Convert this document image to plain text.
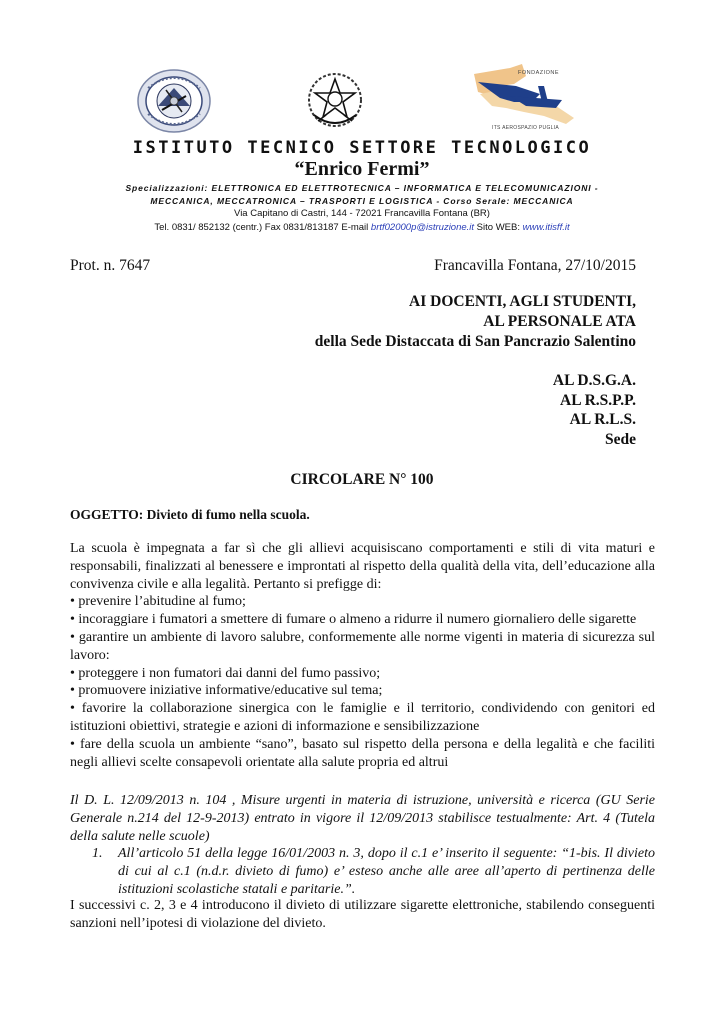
FONDAZIONE
ITS AEROSPAZIO PUGLIA
ISTITUTO TECNICO SETTORE TECNOLOGICO
“Enrico Fermi”
Specializzazioni: ELETTRONICA ED ELETTROTECNICA – INFORMATICA E TELECOMUNICAZIONI -
MECCANICA, MECCATRONICA – TRASPORTI E LOGISTICA - Corso Serale: MECCANICA
Via Capitano di Castri, 144 - 72021 Francavilla Fontana (BR)
Tel. 0831/ 852132 (centr.) Fax 0831/813187 E-mail brtf02000p@istruzione.it Sito WEB: www.itisff.it
Prot. n. 7647	Francavilla Fontana, 27/10/2015
AI DOCENTI, AGLI STUDENTI,
AL PERSONALE ATA
della Sede Distaccata di San Pancrazio Salentino
AL D.S.G.A.
AL R.S.P.P.
AL R.L.S.
Sede
CIRCOLARE N° 100
OGGETTO: Divieto di fumo nella scuola.
La scuola è impegnata a far sì che gli allievi acquisiscano comportamenti e stili di vita maturi e responsabili, finalizzati al benessere e improntati al rispetto della qualità della vita, dell’educazione alla convivenza civile e alla legalità. Pertanto si prefigge di:
• prevenire l’abitudine al fumo;
• incoraggiare i fumatori a smettere di fumare o almeno a ridurre il numero giornaliero delle sigarette
• garantire un ambiente di lavoro salubre, conformemente alle norme vigenti in materia di sicurezza sul lavoro:
• proteggere i non fumatori dai danni del fumo passivo;
• promuovere iniziative informative/educative sul tema;
• favorire la collaborazione sinergica con le famiglie e il territorio, condividendo con genitori ed istituzioni obiettivi, strategie e azioni di informazione e sensibilizzazione
• fare della scuola un ambiente “sano”, basato sul rispetto della persona e della legalità e che faciliti negli allievi scelte consapevoli orientate alla salute propria ed altrui
Il D. L. 12/09/2013 n. 104 , Misure urgenti in materia di istruzione, università e ricerca (GU Serie Generale n.214 del 12-9-2013) entrato in vigore il 12/09/2013 stabilisce testualmente: Art. 4 (Tutela della salute nelle scuole)
1. All’articolo 51 della legge 16/01/2003 n. 3, dopo il c.1 e’ inserito il seguente: “1-bis. Il divieto di cui al c.1 (n.d.r. divieto di fumo) e’ esteso anche alle aree all’aperto di pertinenza delle istituzioni scolastiche statali e paritarie.”.
I successivi c. 2, 3 e 4 introducono il divieto di utilizzare sigarette elettroniche, stabilendo conseguenti sanzioni nell’ipotesi di violazione del divieto.
